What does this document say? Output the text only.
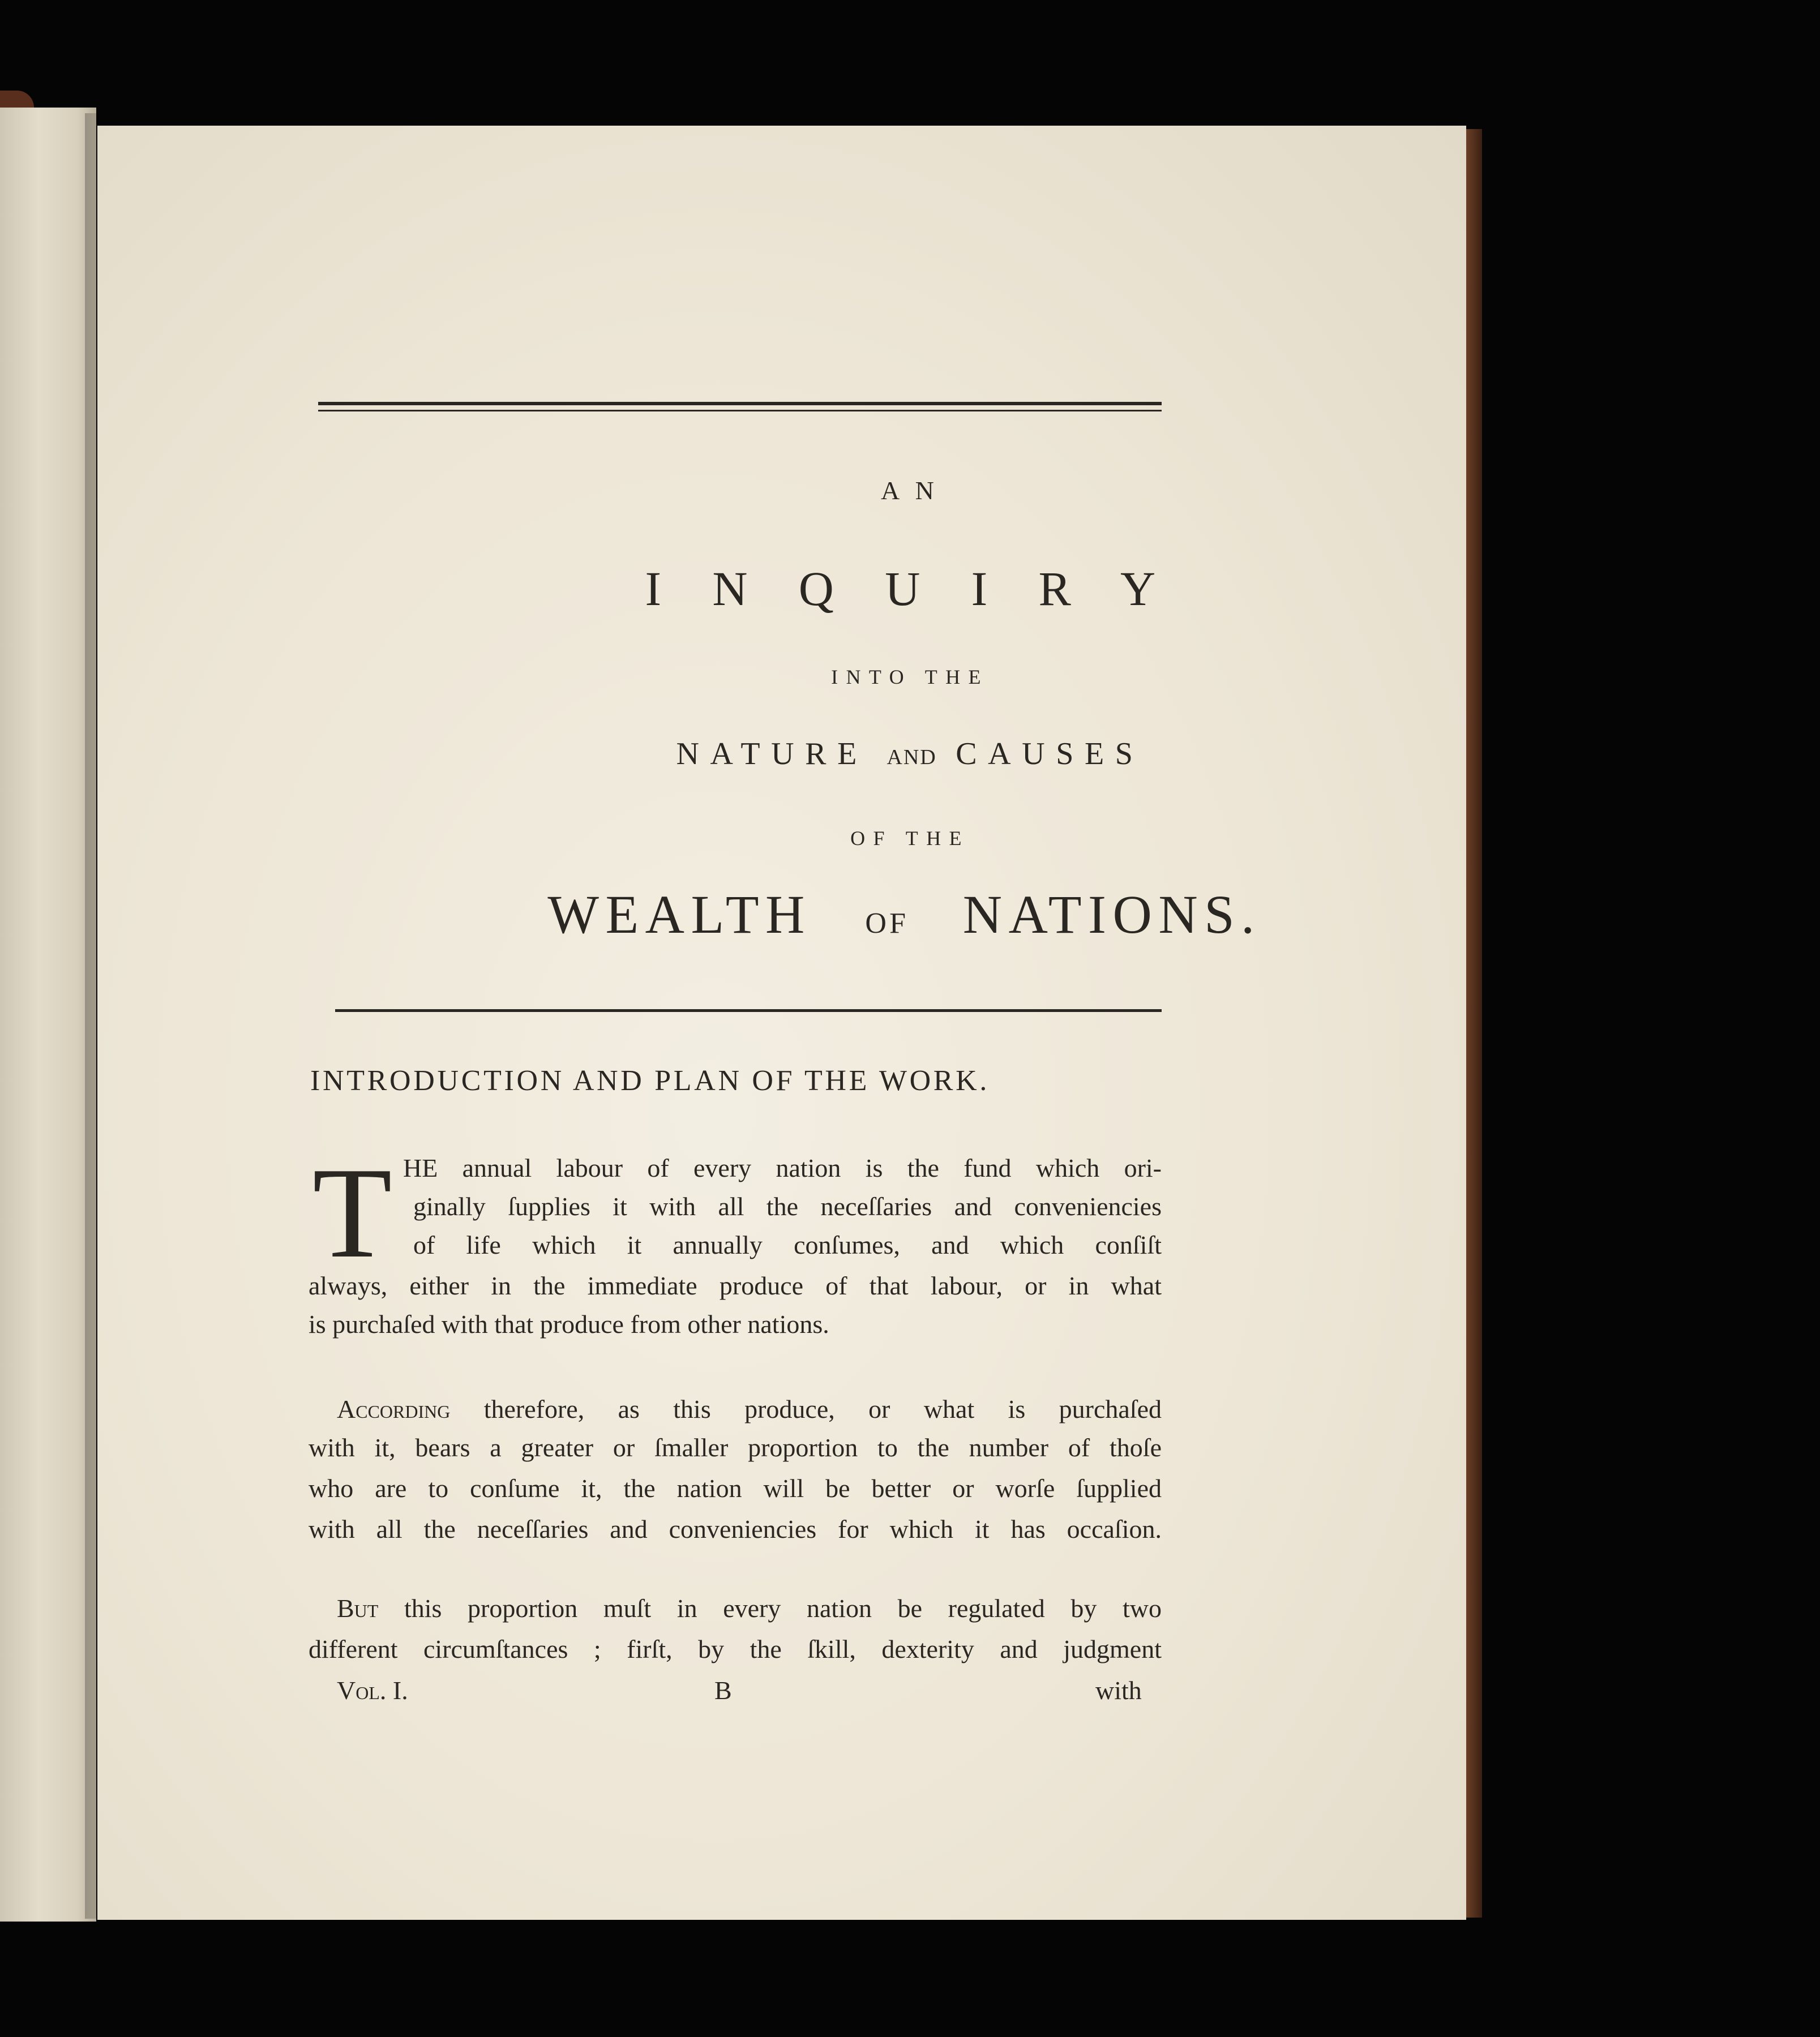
A N
I N Q U I R Y
INTO THE
NATURE AND CAUSES
OF THE
WEALTH OF NATIONS.
INTRODUCTION AND PLAN OF THE WORK.
T HE annual labour of every nation is the fund which ori-
ginally ſupplies it with all the neceſſaries and conveniencies
of life which it annually conſumes, and which conſiſt
always, either in the immediate produce of that labour, or in what
is purchaſed with that produce from other nations.
According therefore, as this produce, or what is purchaſed
with it, bears a greater or ſmaller proportion to the number of thoſe
who are to conſume it, the nation will be better or worſe ſupplied
with all the neceſſaries and conveniencies for which it has occaſion.
But this proportion muſt in every nation be regulated by two
different circumſtances ; firſt, by the ſkill, dexterity and judgment
Vol. I.	B	with
